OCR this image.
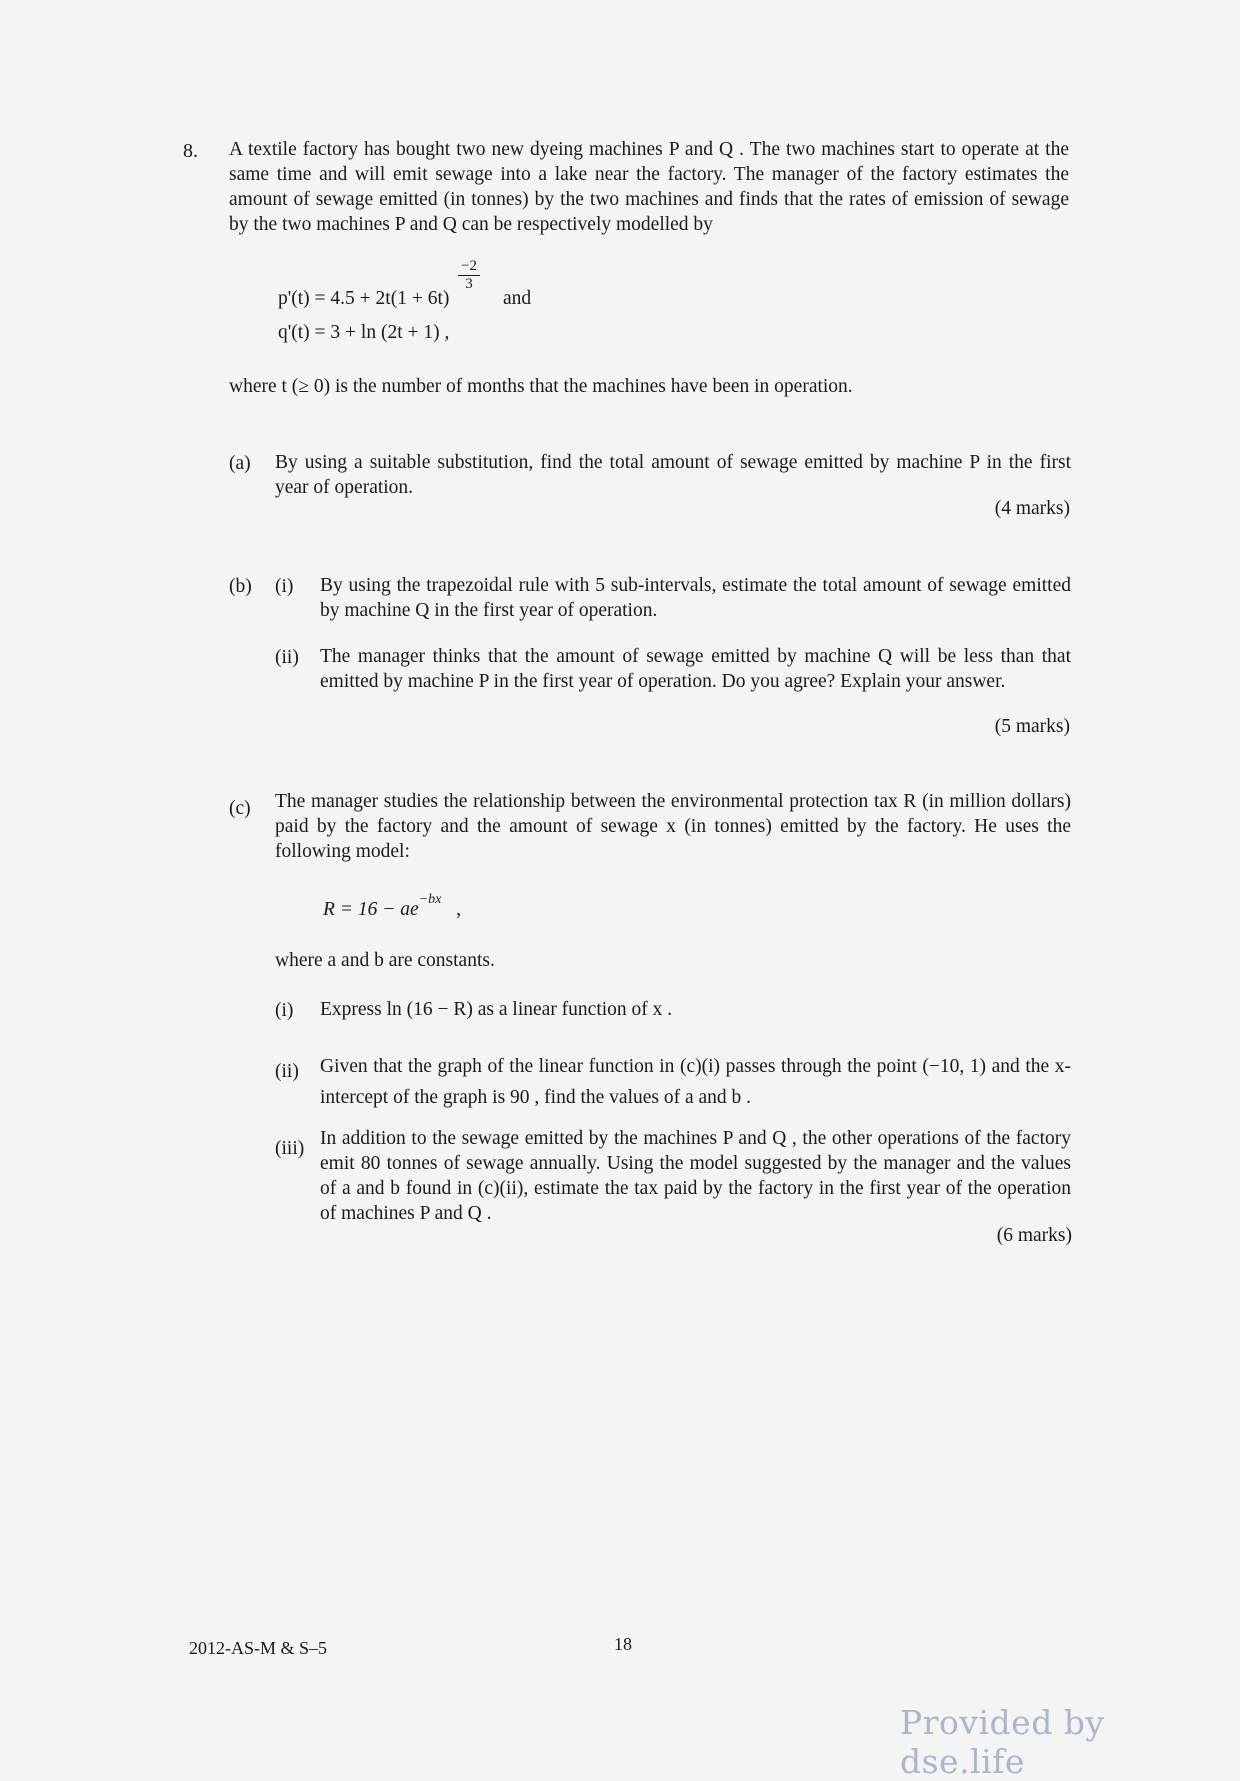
8. A textile factory has bought two new dyeing machines P and Q . The two machines start to operate at the same time and will emit sewage into a lake near the factory. The manager of the factory estimates the amount of sewage emitted (in tonnes) by the two machines and finds that the rates of emission of sewage by the two machines P and Q can be respectively modelled by
p'(t) = 4.5 + 2t(1 + 6t)
$\frac{-2}{3}$
and
q'(t) = 3 + ln (2t + 1) ,
where t (≥ 0) is the number of months that the machines have been in operation.
(a) By using a suitable substitution, find the total amount of sewage emitted by machine P in the first year of operation.
(4 marks)
(b) (i) By using the trapezoidal rule with 5 sub-intervals, estimate the total amount of sewage emitted by machine Q in the first year of operation.
(ii) The manager thinks that the amount of sewage emitted by machine Q will be less than that emitted by machine P in the first year of operation. Do you agree? Explain your answer.
(5 marks)
(c) The manager studies the relationship between the environmental protection tax R (in million dollars) paid by the factory and the amount of sewage x (in tonnes) emitted by the factory. He uses the following model:
$R = 16 - ae^{-bx}$ ,
where a and b are constants.
(i) Express ln (16 − R) as a linear function of x .
(ii) Given that the graph of the linear function in (c)(i) passes through the point (−10, 1) and the x-intercept of the graph is 90 , find the values of a and b .
(iii) In addition to the sewage emitted by the machines P and Q , the other operations of the factory emit 80 tonnes of sewage annually. Using the model suggested by the manager and the values of a and b found in (c)(ii), estimate the tax paid by the factory in the first year of the operation of machines P and Q .
(6 marks)
2012-AS-M & S–5	18
Provided by dse.life
